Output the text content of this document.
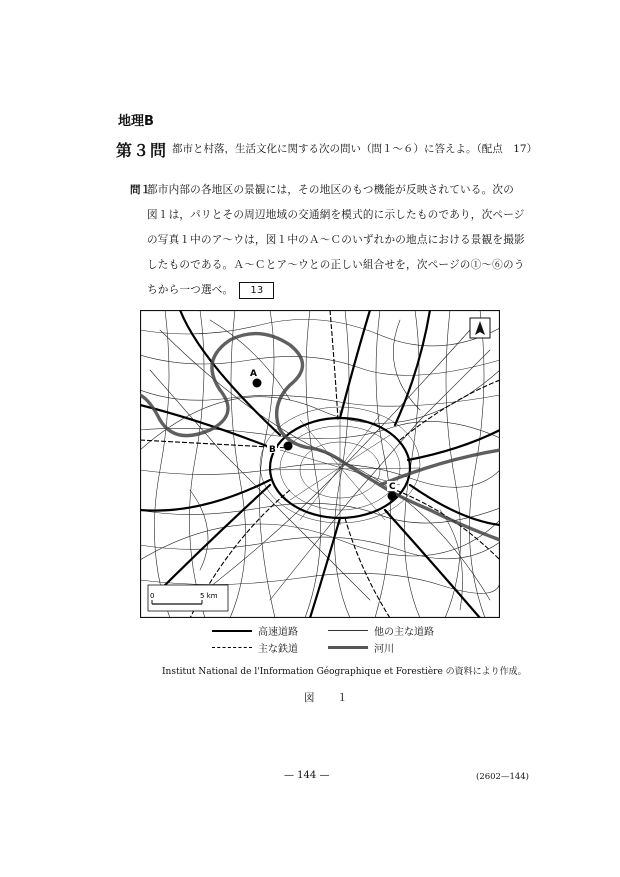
地理B
第３問 都市と村落，生活文化に関する次の問い（問１～６）に答えよ。（配点　17）
問１
都市内部の各地区の景観には，その地区のもつ機能が反映されている。次の
図１は，パリとその周辺地域の交通網を模式的に示したものであり，次ページ
の写真１中のア～ウは，図１中のＡ～Ｃのいずれかの地点における景観を撮影
したものである。Ａ～Ｃとア～ウとの正しい組合せを，次ページの①～⑥のう
ちから一つ選べ。 13
0	5 km
A
B
C
高速道路	他の主な道路
主な鉄道	河川
Institut National de l'Information Géographique et Forestière の資料により作成。
図　１
— 144 —	(2602—144)
